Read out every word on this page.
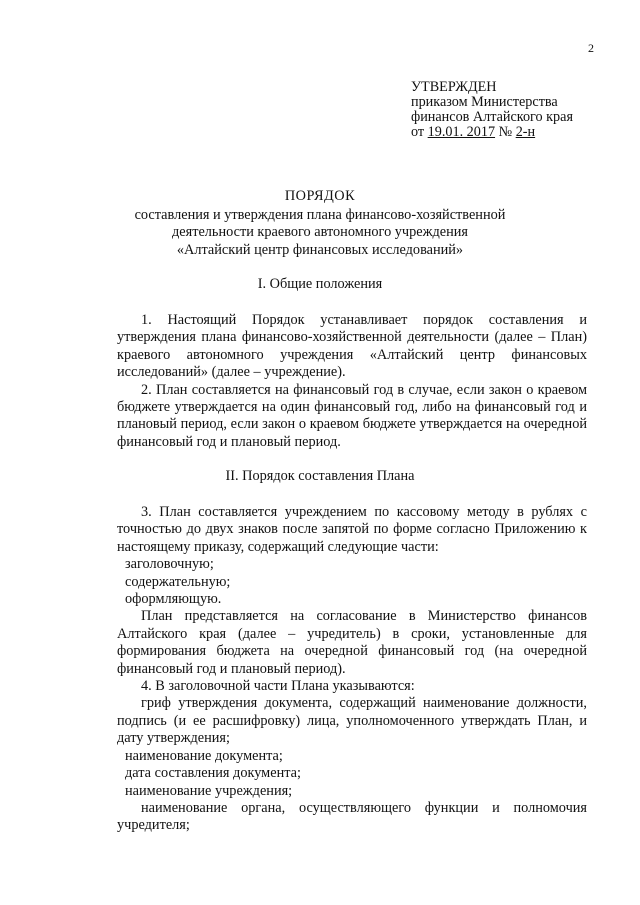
2
УТВЕРЖДЕН
приказом Министерства
финансов Алтайского края
от 19.01. 2017 № 2-н
ПОРЯДОК
составления и утверждения плана финансово-хозяйственной
деятельности краевого автономного учреждения
«Алтайский центр финансовых исследований»
I. Общие положения

1. Настоящий Порядок устанавливает порядок составления и утверждения плана финансово-хозяйственной деятельности (далее – План) краевого автономного учреждения «Алтайский центр финансовых исследований» (далее – учреждение).

2. План составляется на финансовый год в случае, если закон о краевом бюджете утверждается на один финансовый год, либо на финансовый год и плановый период, если закон о краевом бюджете утверждается на очередной финансовый год и плановый период.

II. Порядок составления Плана

3. План составляется учреждением по кассовому методу в рублях с точностью до двух знаков после запятой по форме согласно Приложению к настоящему приказу, содержащий следующие части:

заголовочную;

содержательную;

оформляющую.

План представляется на согласование в Министерство финансов Алтайского края (далее – учредитель) в сроки, установленные для формирования бюджета на очередной финансовый год (на очередной финансовый год и плановый период).

4. В заголовочной части Плана указываются:

гриф утверждения документа, содержащий наименование должности, подпись (и ее расшифровку) лица, уполномоченного утверждать План, и дату утверждения;

наименование документа;

дата составления документа;

наименование учреждения;

наименование органа, осуществляющего функции и полномочия учредителя;
